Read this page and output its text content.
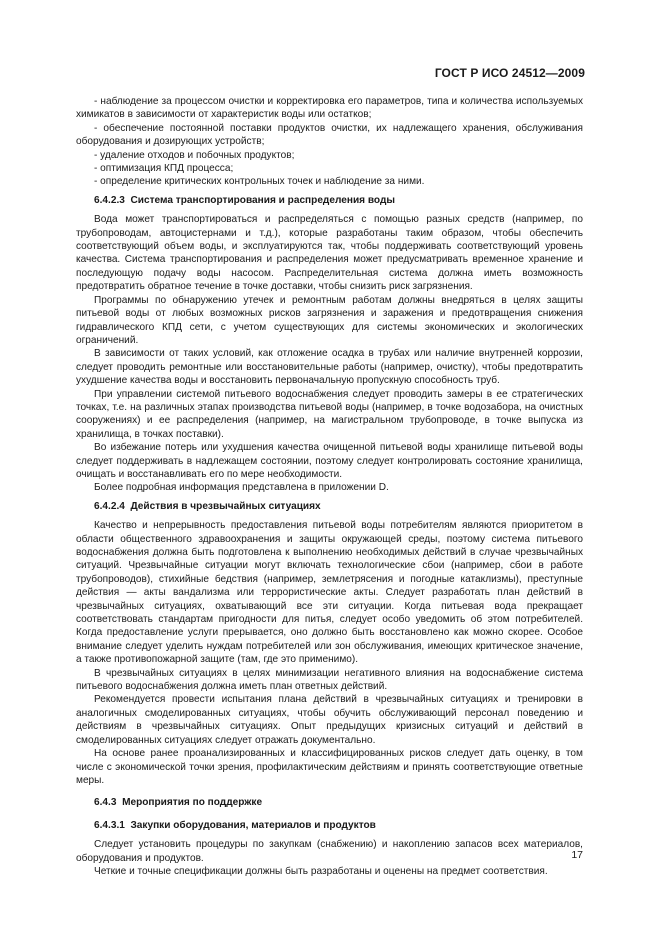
ГОСТ Р ИСО 24512—2009

- наблюдение за процессом очистки и корректировка его параметров, типа и количества используемых химикатов в зависимости от характеристик воды или остатков;

- обеспечение постоянной поставки продуктов очистки, их надлежащего хранения, обслуживания оборудования и дозирующих устройств;

- удаление отходов и побочных продуктов;

- оптимизация КПД процесса;

- определение критических контрольных точек и наблюдение за ними.

6.4.2.3 Система транспортирования и распределения воды

Вода может транспортироваться и распределяться с помощью разных средств (например, по трубопроводам, автоцистернами и т.д.), которые разработаны таким образом, чтобы обеспечить соответствующий объем воды, и эксплуатируются так, чтобы поддерживать соответствующий уровень качества. Система транспортирования и распределения может предусматривать временное хранение и последующую подачу воды насосом. Распределительная система должна иметь возможность предотвратить обратное течение в точке доставки, чтобы снизить риск загрязнения.

Программы по обнаружению утечек и ремонтным работам должны внедряться в целях защиты питьевой воды от любых возможных рисков загрязнения и заражения и предотвращения снижения гидравлического КПД сети, с учетом существующих для системы экономических и экологических ограничений.

В зависимости от таких условий, как отложение осадка в трубах или наличие внутренней коррозии, следует проводить ремонтные или восстановительные работы (например, очистку), чтобы предотвратить ухудшение качества воды и восстановить первоначальную пропускную способность труб.

При управлении системой питьевого водоснабжения следует проводить замеры в ее стратегических точках, т.е. на различных этапах производства питьевой воды (например, в точке водозабора, на очистных сооружениях) и ее распределения (например, на магистральном трубопроводе, в точке выпуска из хранилища, в точках поставки).

Во избежание потерь или ухудшения качества очищенной питьевой воды хранилище питьевой воды следует поддерживать в надлежащем состоянии, поэтому следует контролировать состояние хранилища, очищать и восстанавливать его по мере необходимости.

Более подробная информация представлена в приложении D.

6.4.2.4 Действия в чрезвычайных ситуациях

Качество и непрерывность предоставления питьевой воды потребителям являются приоритетом в области общественного здравоохранения и защиты окружающей среды, поэтому система питьевого водоснабжения должна быть подготовлена к выполнению необходимых действий в случае чрезвычайных ситуаций. Чрезвычайные ситуации могут включать технологические сбои (например, сбои в работе трубопроводов), стихийные бедствия (например, землетрясения и погодные катаклизмы), преступные действия — акты вандализма или террористические акты. Следует разработать план действий в чрезвычайных ситуациях, охватывающий все эти ситуации. Когда питьевая вода прекращает соответствовать стандартам пригодности для питья, следует особо уведомить об этом потребителей. Когда предоставление услуги прерывается, оно должно быть восстановлено как можно скорее. Особое внимание следует уделить нуждам потребителей или зон обслуживания, имеющих критическое значение, а также противопожарной защите (там, где это применимо).

В чрезвычайных ситуациях в целях минимизации негативного влияния на водоснабжение система питьевого водоснабжения должна иметь план ответных действий.

Рекомендуется провести испытания плана действий в чрезвычайных ситуациях и тренировки в аналогичных смоделированных ситуациях, чтобы обучить обслуживающий персонал поведению и действиям в чрезвычайных ситуациях. Опыт предыдущих кризисных ситуаций и действий в смоделированных ситуациях следует отражать документально.

На основе ранее проанализированных и классифицированных рисков следует дать оценку, в том числе с экономической точки зрения, профилактическим действиям и принять соответствующие ответные меры.

6.4.3 Мероприятия по поддержке

6.4.3.1 Закупки оборудования, материалов и продуктов

Следует установить процедуры по закупкам (снабжению) и накоплению запасов всех материалов, оборудования и продуктов.

Четкие и точные спецификации должны быть разработаны и оценены на предмет соответствия.

17
